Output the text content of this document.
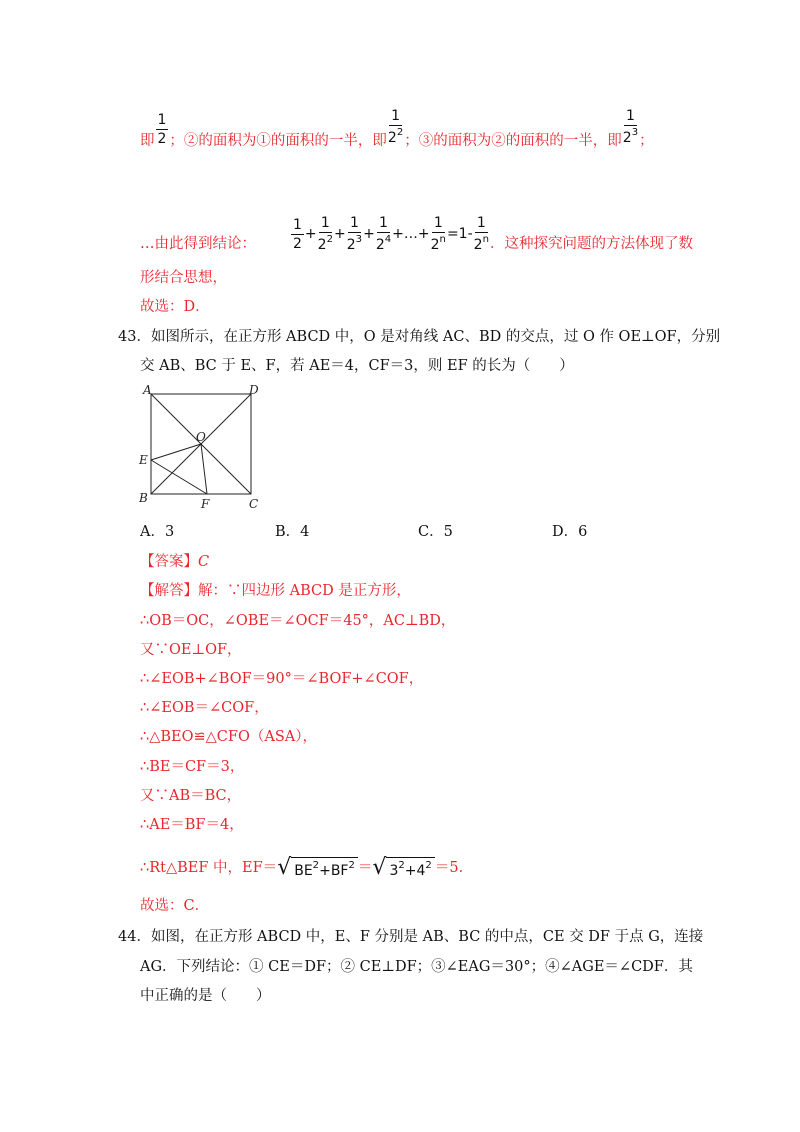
即 $\frac{1}{2}$ ；②的面积为①的面积的一半，即 $\frac{1}{2^2}$ ；③的面积为②的面积的一半，即 $\frac{1}{2^3}$ ；
…由此得到结论：	$\frac{1}{2} + \frac{1}{2^2} + \frac{1}{2^3} + \frac{1}{2^4}$ +…+ $\frac{1}{2^n} =1- \frac{1}{2^n}$ ．这种探究问题的方法体现了数
形结合思想，
故选：D．
43．如图所示，在正方形 ABCD 中，O 是对角线 AC、BD 的交点，过 O 作 OE⊥OF，分别
交 AB、BC 于 E、F，若 AE＝4，CF＝3，则 EF 的长为（　　）
A	D
O
E
B	F	C
A．3	B．4	C．5	D．6
【答案】C
【解答】解：∵四边形 ABCD 是正方形，
∴OB＝OC，∠OBE＝∠OCF＝45°，AC⊥BD，
又∵OE⊥OF，
∴∠EOB+∠BOF＝90°＝∠BOF+∠COF，
∴∠EOB＝∠COF，
∴△BEO≌△CFO（ASA），
∴BE＝CF＝3，
又∵AB＝BC，
∴AE＝BF＝4，
∴Rt△BEF 中，EF＝ √ $BE^2+BF^2$ ＝ √ $3^2+4^2 =5$．
故选：C．
44．如图，在正方形 ABCD 中，E、F 分别是 AB、BC 的中点，CE 交 DF 于点 G，连接
AG．下列结论：① CE＝DF；② CE⊥DF；③∠EAG＝30°；④∠AGE＝∠CDF．其
中正确的是（　　）
